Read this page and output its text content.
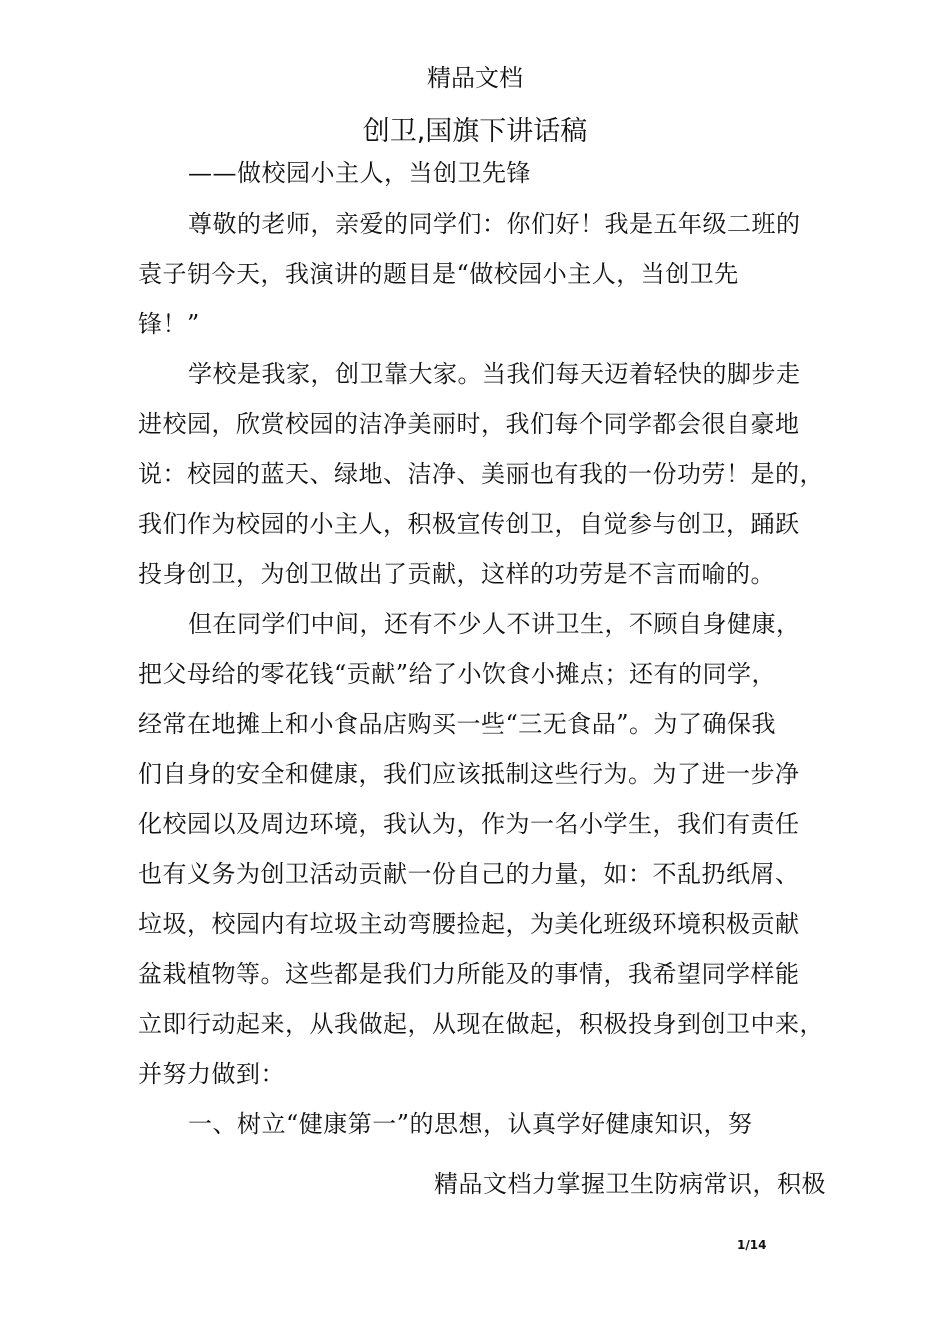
精品文档
创卫,国旗下讲话稿
——做校园小主人，当创卫先锋
尊敬的老师，亲爱的同学们：你们好！我是五年级二班的
袁子钥今天，我演讲的题目是“做校园小主人，当创卫先
锋！”
学校是我家，创卫靠大家。当我们每天迈着轻快的脚步走
进校园，欣赏校园的洁净美丽时，我们每个同学都会很自豪地
说：校园的蓝天、绿地、洁净、美丽也有我的一份功劳！是的，
我们作为校园的小主人，积极宣传创卫，自觉参与创卫，踊跃
投身创卫，为创卫做出了贡献，这样的功劳是不言而喻的。
但在同学们中间，还有不少人不讲卫生，不顾自身健康，
把父母给的零花钱“贡献”给了小饮食小摊点；还有的同学，
经常在地摊上和小食品店购买一些“三无食品”。为了确保我
们自身的安全和健康，我们应该抵制这些行为。为了进一步净
化校园以及周边环境，我认为，作为一名小学生，我们有责任
也有义务为创卫活动贡献一份自己的力量，如：不乱扔纸屑、
垃圾，校园内有垃圾主动弯腰捡起，为美化班级环境积极贡献
盆栽植物等。这些都是我们力所能及的事情，我希望同学样能
立即行动起来，从我做起，从现在做起，积极投身到创卫中来，
并努力做到：
一、树立“健康第一”的思想，认真学好健康知识，努
精品文档力掌握卫生防病常识，积极
1/14
